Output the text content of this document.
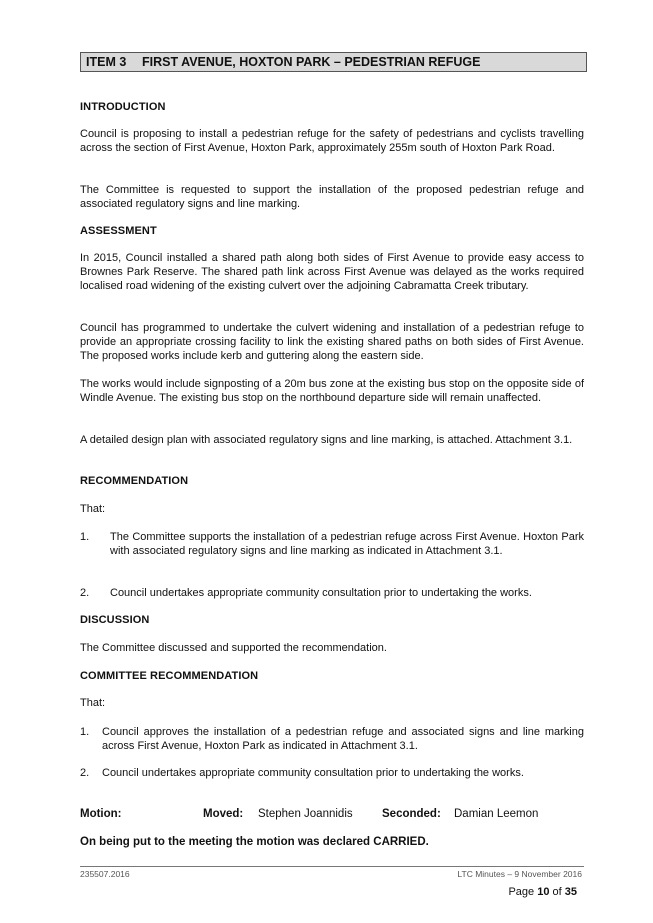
ITEM 3 FIRST AVENUE, HOXTON PARK – PEDESTRIAN REFUGE
INTRODUCTION
Council is proposing to install a pedestrian refuge for the safety of pedestrians and cyclists travelling across the section of First Avenue, Hoxton Park, approximately 255m south of Hoxton Park Road.
The Committee is requested to support the installation of the proposed pedestrian refuge and associated regulatory signs and line marking.
ASSESSMENT
In 2015, Council installed a shared path along both sides of First Avenue to provide easy access to Brownes Park Reserve. The shared path link across First Avenue was delayed as the works required localised road widening of the existing culvert over the adjoining Cabramatta Creek tributary.
Council has programmed to undertake the culvert widening and installation of a pedestrian refuge to provide an appropriate crossing facility to link the existing shared paths on both sides of First Avenue. The proposed works include kerb and guttering along the eastern side.
The works would include signposting of a 20m bus zone at the existing bus stop on the opposite side of Windle Avenue. The existing bus stop on the northbound departure side will remain unaffected.
A detailed design plan with associated regulatory signs and line marking, is attached. Attachment 3.1.
RECOMMENDATION
That:
1. The Committee supports the installation of a pedestrian refuge across First Avenue. Hoxton Park with associated regulatory signs and line marking as indicated in Attachment 3.1.
2. Council undertakes appropriate community consultation prior to undertaking the works.
DISCUSSION
The Committee discussed and supported the recommendation.
COMMITTEE RECOMMENDATION
That:
1. Council approves the installation of a pedestrian refuge and associated signs and line marking across First Avenue, Hoxton Park as indicated in Attachment 3.1.
2. Council undertakes appropriate community consultation prior to undertaking the works.
Motion:	Moved: Stephen Joannidis	Seconded: Damian Leemon
On being put to the meeting the motion was declared CARRIED.
235507.2016	LTC Minutes – 9 November 2016
Page 10 of 35
